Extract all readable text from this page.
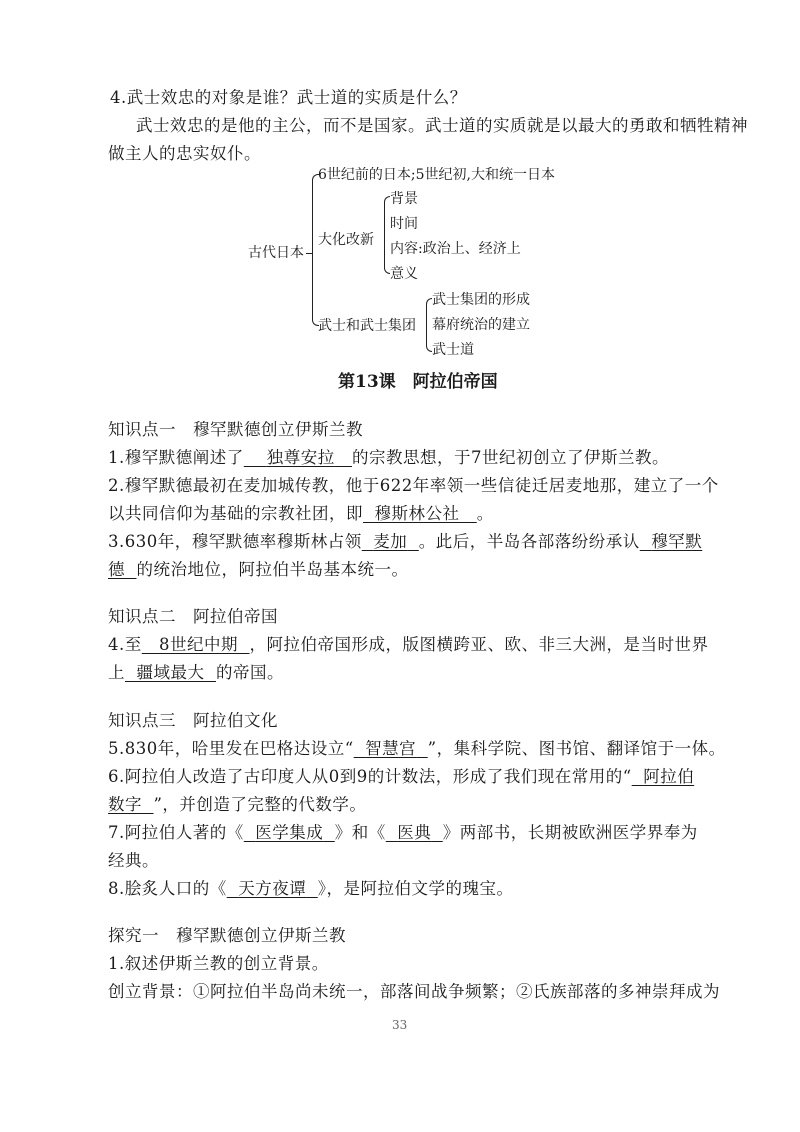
4.武士效忠的对象是谁？武士道的实质是什么？
武士效忠的是他的主公，而不是国家。武士道的实质就是以最大的勇敢和牺牲精神
做主人的忠实奴仆。
古代日本
6世纪前的日本;5世纪初,大和统一日本
大化改新
背景
时间
内容:政治上、经济上
意义
武士和武士集团
武士集团的形成
幕府统治的建立
武士道
第13课　阿拉伯帝国
知识点一　穆罕默德创立伊斯兰教
1.穆罕默德阐述了 独尊安拉 的宗教思想，于7世纪初创立了伊斯兰教。
2.穆罕默德最初在麦加城传教，他于622年率领一些信徒迁居麦地那，建立了一个
以共同信仰为基础的宗教社团，即 穆斯林公社 。
3.630年，穆罕默德率穆斯林占领 麦加 。此后，半岛各部落纷纷承认 穆罕默
德 的统治地位，阿拉伯半岛基本统一。
知识点二　阿拉伯帝国
4.至 8世纪中期 ，阿拉伯帝国形成，版图横跨亚、欧、非三大洲，是当时世界
上 疆域最大 的帝国。
知识点三　阿拉伯文化
5.830年，哈里发在巴格达设立“ 智慧宫 ”，集科学院、图书馆、翻译馆于一体。
6.阿拉伯人改造了古印度人从0到9的计数法，形成了我们现在常用的“ 阿拉伯
数字 ”，并创造了完整的代数学。
7.阿拉伯人著的《 医学集成 》和《 医典 》两部书，长期被欧洲医学界奉为
经典。
8.脍炙人口的《 天方夜谭 》，是阿拉伯文学的瑰宝。
探究一　穆罕默德创立伊斯兰教
1.叙述伊斯兰教的创立背景。
创立背景：①阿拉伯半岛尚未统一，部落间战争频繁；②氏族部落的多神崇拜成为
33
